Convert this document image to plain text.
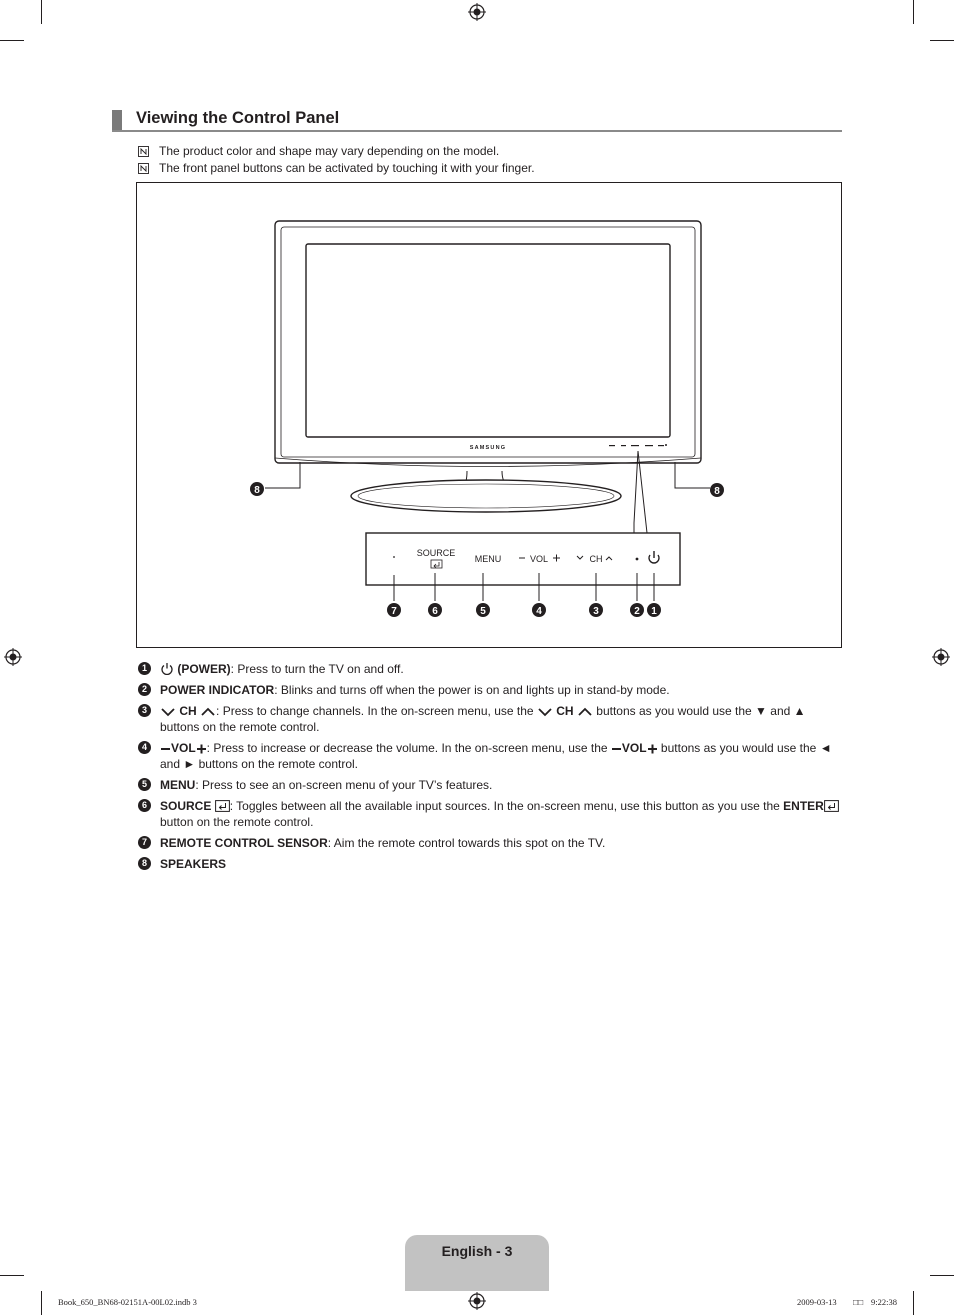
Viewing the Control Panel
The product color and shape may vary depending on the model.
The front panel buttons can be activated by touching it with your finger.
8	8
7	6	5	4	3	2 1
SOURCE
MENU	VOL	CH
SAMSUNG
1	(POWER): Press to turn the TV on and off.
2	POWER INDICATOR: Blinks and turns off when the power is on and lights up in stand-by mode.
3	CH : Press to change channels. In the on-screen menu, use the CH buttons as you would use the ▼ and ▲ buttons on the remote control.
4	VOL : Press to increase or decrease the volume. In the on-screen menu, use the VOL buttons as you would use the ◄ and ► buttons on the remote control.
5	MENU: Press to see an on-screen menu of your TV’s features.
6	SOURCE : Toggles between all the available input sources. In the on-screen menu, use this button as you use the ENTER button on the remote control.
7	REMOTE CONTROL SENSOR: Aim the remote control towards this spot on the TV.
8	SPEAKERS
English - 3
Book_650_BN68-02151A-00L02.indb 3	2009-03-13 □□ 9:22:38
